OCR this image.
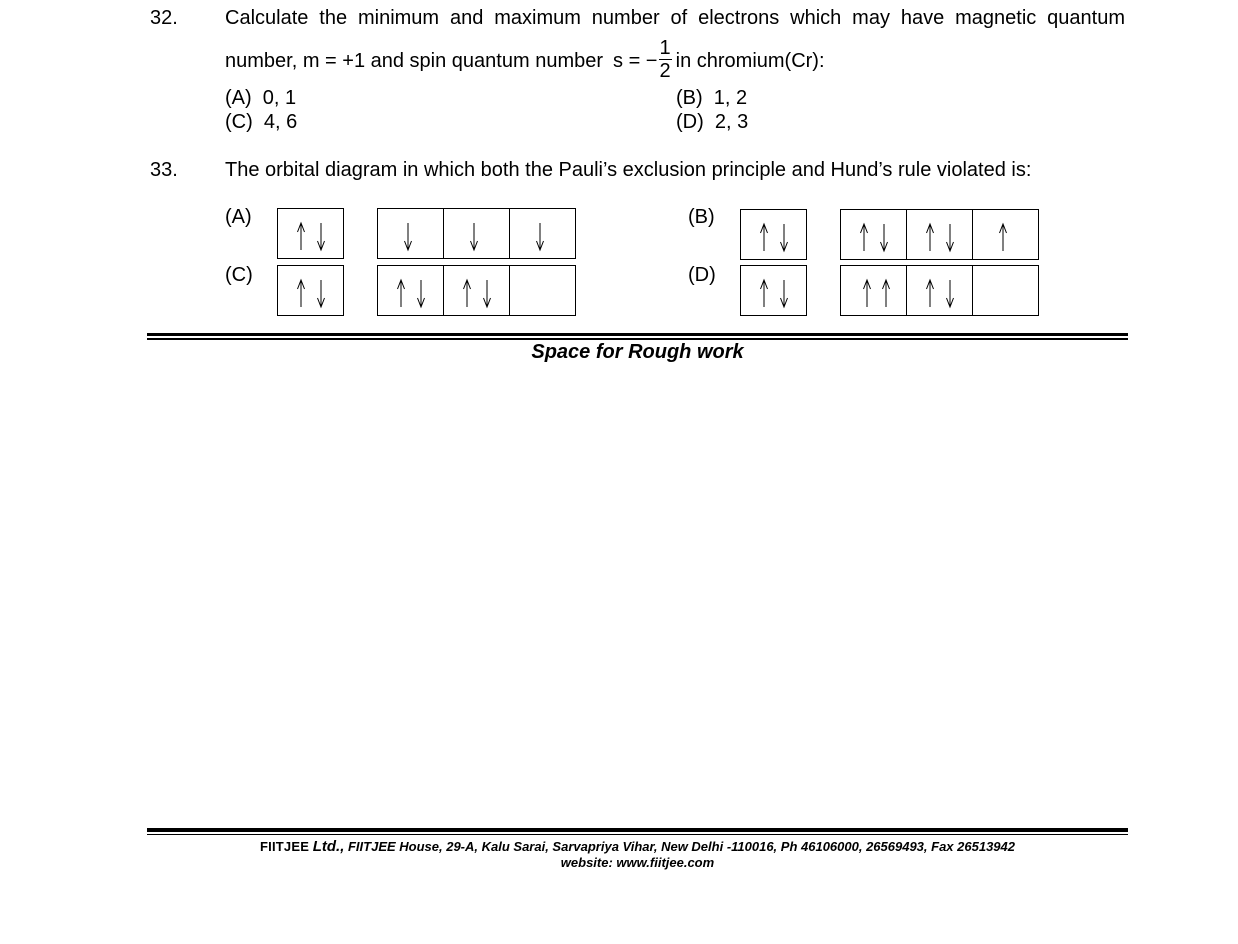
32. Calculate the minimum and maximum number of electrons which may have magnetic quantum
number, m = +1 and spin quantum number s = − $\frac{1}{2}$ in chromium(Cr):
(A) 0, 1	(B) 1, 2
(C) 4, 6	(D) 2, 3
33. The orbital diagram in which both the Pauli’s exclusion principle and Hund’s rule violated is:
(A)	(B)
(C)	(D)
Space for Rough work
FIITJEE Ltd., FIITJEE House, 29-A, Kalu Sarai, Sarvapriya Vihar, New Delhi -110016, Ph 46106000, 26569493, Fax 26513942
website: www.fiitjee.com
